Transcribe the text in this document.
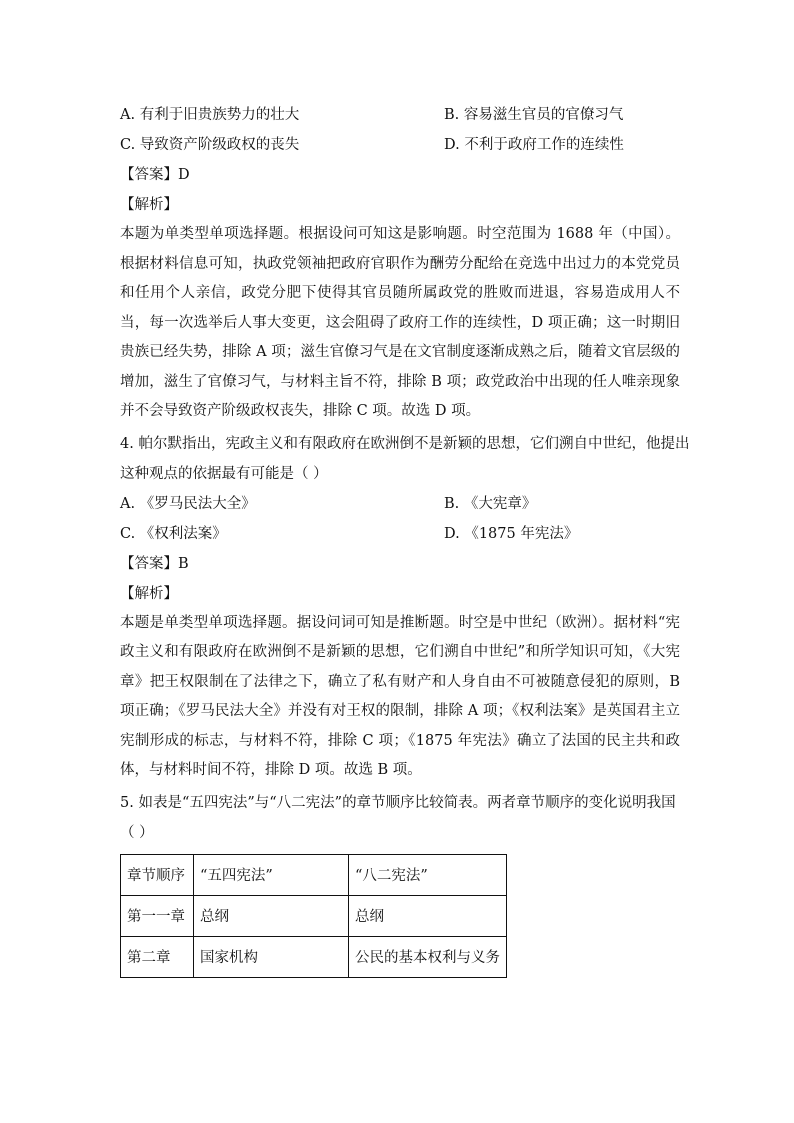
A. 有利于旧贵族势力的壮大	B. 容易滋生官员的官僚习气
C. 导致资产阶级政权的丧失	D. 不利于政府工作的连续性
【答案】D
【解析】

本题为单类型单项选择题。根据设问可知这是影响题。时空范围为 1688 年（中国）。根据材料信息可知，执政党领袖把政府官职作为酬劳分配给在竞选中出过力的本党党员和任用个人亲信，政党分肥下使得其官员随所属政党的胜败而进退，容易造成用人不当，每一次选举后人事大变更，这会阻碍了政府工作的连续性，D 项正确；这一时期旧贵族已经失势，排除 A 项；滋生官僚习气是在文官制度逐渐成熟之后，随着文官层级的增加，滋生了官僚习气，与材料主旨不符，排除 B 项；政党政治中出现的任人唯亲现象并不会导致资产阶级政权丧失，排除 C 项。故选 D 项。

4. 帕尔默指出，宪政主义和有限政府在欧洲倒不是新颖的思想，它们溯自中世纪，他提出
这种观点的依据最有可能是（ ）
A. 《罗马民法大全》	B. 《大宪章》
C. 《权利法案》	D. 《1875 年宪法》
【答案】B
【解析】

本题是单类型单项选择题。据设问词可知是推断题。时空是中世纪（欧洲）。据材料“宪政主义和有限政府在欧洲倒不是新颖的思想，它们溯自中世纪”和所学知识可知，《大宪章》把王权限制在了法律之下，确立了私有财产和人身自由不可被随意侵犯的原则，B 项正确；《罗马民法大全》并没有对王权的限制，排除 A 项；《权利法案》是英国君主立宪制形成的标志，与材料不符，排除 C 项；《1875 年宪法》确立了法国的民主共和政体，与材料时间不符，排除 D 项。故选 B 项。

5. 如表是“五四宪法”与“八二宪法”的章节顺序比较简表。两者章节顺序的变化说明我国
（ ）
章节顺序	“五四宪法”	“八二宪法”
第一一章	总纲	总纲
第二章	国家机构	公民的基本权利与义务
